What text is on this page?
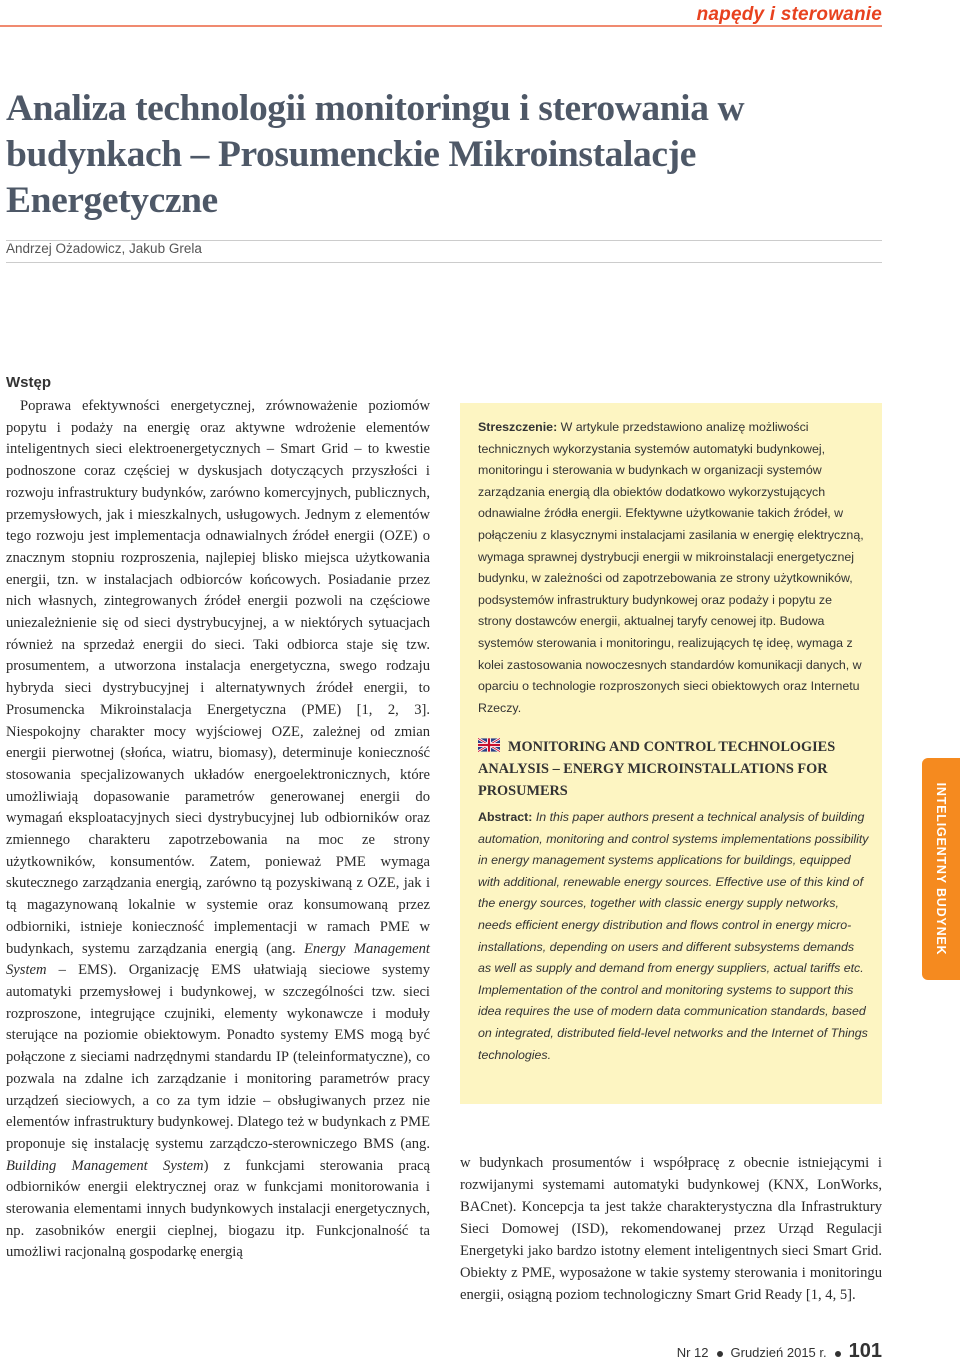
napędy i sterowanie
Analiza technologii monitoringu i sterowania w budynkach – Prosumenckie Mikroinstalacje Energetyczne
Andrzej Ożadowicz, Jakub Grela
Wstęp
Poprawa efektywności energetycznej, zrównoważenie poziomów popytu i podaży na energię oraz aktywne wdrożenie elementów inteligentnych sieci elektroenergetycznych – Smart Grid – to kwestie podnoszone coraz częściej w dyskusjach dotyczących przyszłości i rozwoju infrastruktury budynków, zarówno komercyjnych, publicznych, przemysłowych, jak i mieszkalnych, usługowych. Jednym z elementów tego rozwoju jest implementacja odnawialnych źródeł energii (OZE) o znacznym stopniu rozproszenia, najlepiej blisko miejsca użytkowania energii, tzn. w instalacjach odbiorców końcowych. Posiadanie przez nich własnych, zintegrowanych źródeł energii pozwoli na częściowe uniezależnienie się od sieci dystrybucyjnej, a w niektórych sytuacjach również na sprzedaż energii do sieci. Taki odbiorca staje się tzw. prosumentem, a utworzona instalacja energetyczna, swego rodzaju hybryda sieci dystrybucyjnej i alternatywnych źródeł energii, to Prosumencka Mikroinstalacja Energetyczna (PME) [1, 2, 3]. Niespokojny charakter mocy wyjściowej OZE, zależnej od zmian energii pierwotnej (słońca, wiatru, biomasy), determinuje konieczność stosowania specjalizowanych układów energoelektronicznych, które umożliwiają dopasowanie parametrów generowanej energii do wymagań eksploatacyjnych sieci dystrybucyjnej lub odbiorników oraz zmiennego charakteru zapotrzebowania na moc ze strony użytkowników, konsumentów. Zatem, ponieważ PME wymaga skutecznego zarządzania energią, zarówno tą pozyskiwaną z OZE, jak i tą magazynowaną lokalnie w systemie oraz konsumowaną przez odbiorniki, istnieje konieczność implementacji w ramach PME w budynkach, systemu zarządzania energią (ang. Energy Management System – EMS). Organizację EMS ułatwiają sieciowe systemy automatyki przemysłowej i budynkowej, w szczególności tzw. sieci rozproszone, integrujące czujniki, elementy wykonawcze i moduły sterujące na poziomie obiektowym. Ponadto systemy EMS mogą być połączone z sieciami nadrzędnymi standardu IP (teleinformatyczne), co pozwala na zdalne ich zarządzanie i monitoring parametrów pracy urządzeń sieciowych, a co za tym idzie – obsługiwanych przez nie elementów infrastruktury budynkowej. Dlatego też w budynkach z PME proponuje się instalację systemu zarządczo-sterowniczego BMS (ang. Building Management System) z funkcjami sterowania pracą odbiorników energii elektrycznej oraz w funkcjami monitorowania i sterowania elementami innych budynkowych instalacji energetycznych, np. zasobników energii cieplnej, biogazu itp. Funkcjonalność ta umożliwi racjonalną gospodarkę energią

Streszczenie: W artykule przedstawiono analizę możliwości technicznych wykorzystania systemów automatyki budynkowej, monitoringu i sterowania w budynkach w organizacji systemów zarządzania energią dla obiektów dodatkowo wykorzystujących odnawialne źródła energii. Efektywne użytkowanie takich źródeł, w połączeniu z klasycznymi instalacjami zasilania w energię elektryczną, wymaga sprawnej dystrybucji energii w mikroinstalacji energetycznej budynku, w zależności od zapotrzebowania ze strony użytkowników, podsystemów infrastruktury budynkowej oraz podaży i popytu ze strony dostawców energii, aktualnej taryfy cenowej itp. Budowa systemów sterowania i monitoringu, realizujących tę ideę, wymaga z kolei zastosowania nowoczesnych standardów komunikacji danych, w oparciu o technologie rozproszonych sieci obiektowych oraz Internetu Rzeczy.

MONITORING AND CONTROL TECHNOLOGIES ANALYSIS – ENERGY MICROINSTALLATIONS FOR PROSUMERS

Abstract: In this paper authors present a technical analysis of building automation, monitoring and control systems implementations possibility in energy management systems applications for buildings, equipped with additional, renewable energy sources. Effective use of this kind of the energy sources, together with classic energy supply networks, needs efficient energy distribution and flows control in energy micro-installations, depending on users and different subsystems demands as well as supply and demand from energy suppliers, actual tariffs etc. Implementation of the control and monitoring systems to support this idea requires the use of modern data communication standards, based on integrated, distributed field-level networks and the Internet of Things technologies.

w budynkach prosumentów i współpracę z obecnie istniejącymi i rozwijanymi systemami automatyki budynkowej (KNX, LonWorks, BACnet). Koncepcja ta jest także charakterystyczna dla Infrastruktury Sieci Domowej (ISD), rekomendowanej przez Urząd Regulacji Energetyki jako bardzo istotny element inteligentnych sieci Smart Grid. Obiekty z PME, wyposażone w takie systemy sterowania i monitoringu energii, osiągną poziom technologiczny Smart Grid Ready [1, 4, 5].
INTELIGENTNY BUDYNEK
Nr 12 Grudzień 2015 r. 101
